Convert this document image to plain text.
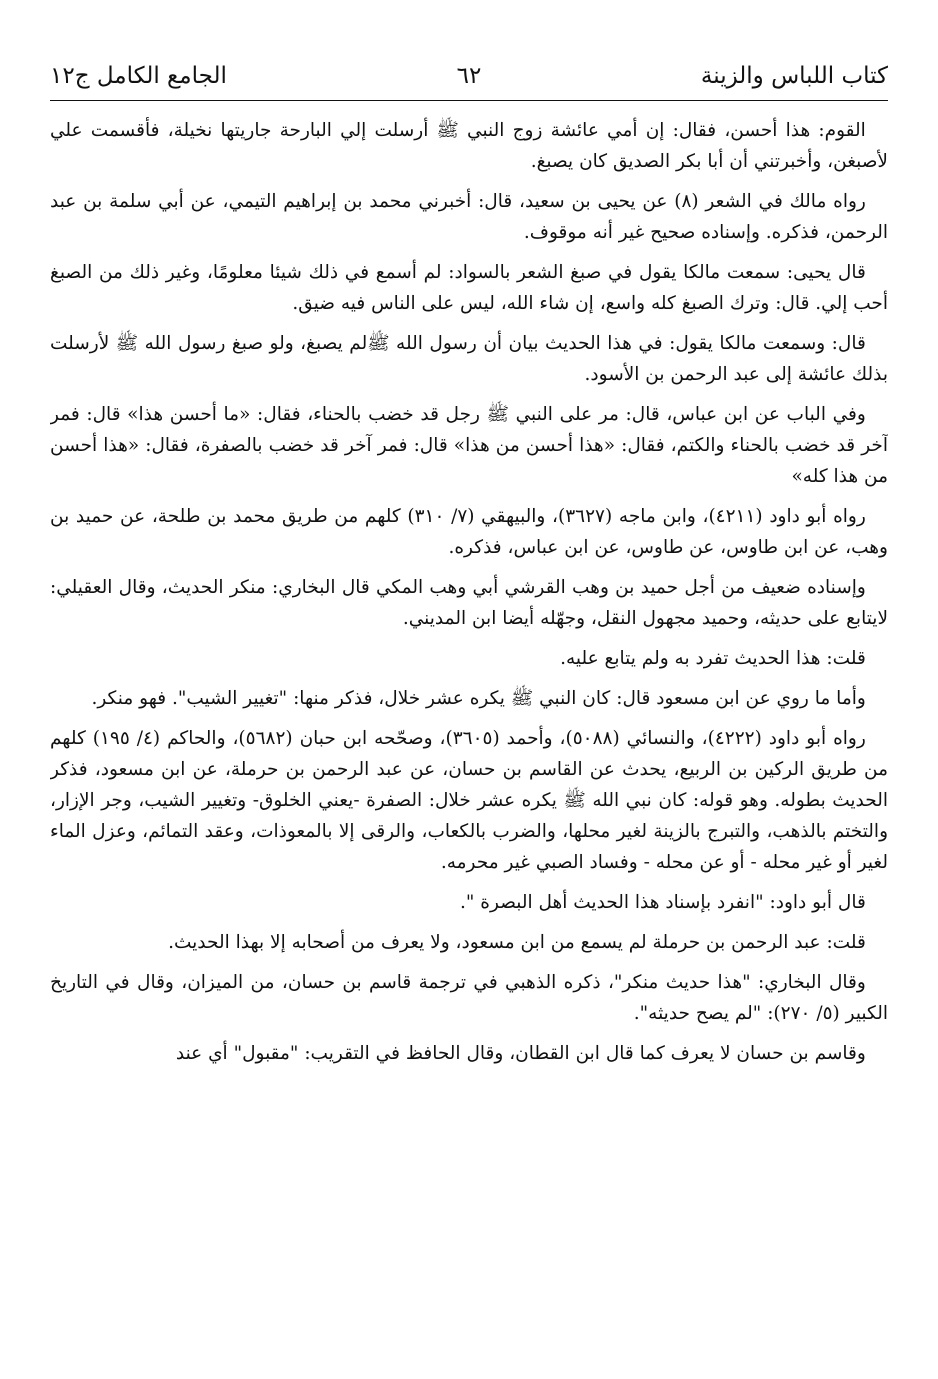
كتاب اللباس والزينة
٦٢
الجامع الكامل ج١٢

القوم: هذا أحسن، فقال: إن أمي عائشة زوج النبي ﷺ أرسلت إلي البارحة جاريتها نخيلة، فأقسمت علي لأصبغن، وأخبرتني أن أبا بكر الصديق كان يصبغ.

رواه مالك في الشعر (٨) عن يحيى بن سعيد، قال: أخبرني محمد بن إبراهيم التيمي، عن أبي سلمة بن عبد الرحمن، فذكره. وإسناده صحيح غير أنه موقوف.

قال يحيى: سمعت مالكا يقول في صبغ الشعر بالسواد: لم أسمع في ذلك شيئا معلومًا، وغير ذلك من الصبغ أحب إلي. قال: وترك الصبغ كله واسع، إن شاء الله، ليس على الناس فيه ضيق.

قال: وسمعت مالكا يقول: في هذا الحديث بيان أن رسول الله ﷺلم يصبغ، ولو صبغ رسول الله ﷺ لأرسلت بذلك عائشة إلى عبد الرحمن بن الأسود.

وفي الباب عن ابن عباس، قال: مر على النبي ﷺ رجل قد خضب بالحناء، فقال: «ما أحسن هذا» قال: فمر آخر قد خضب بالحناء والكتم، فقال: «هذا أحسن من هذا» قال: فمر آخر قد خضب بالصفرة، فقال: «هذا أحسن من هذا كله»

رواه أبو داود (٤٢١١)، وابن ماجه (٣٦٢٧)، والبيهقي (٧/ ٣١٠) كلهم من طريق محمد بن طلحة، عن حميد بن وهب، عن ابن طاوس، عن طاوس، عن ابن عباس، فذكره.

وإسناده ضعيف من أجل حميد بن وهب القرشي أبي وهب المكي قال البخاري: منكر الحديث، وقال العقيلي: لايتابع على حديثه، وحميد مجهول النقل، وجهّله أيضا ابن المديني.

قلت: هذا الحديث تفرد به ولم يتابع عليه.

وأما ما روي عن ابن مسعود قال: كان النبي ﷺ يكره عشر خلال، فذكر منها: "تغيير الشيب". فهو منكر.

رواه أبو داود (٤٢٢٢)، والنسائي (٥٠٨٨)، وأحمد (٣٦٠٥)، وصحّحه ابن حبان (٥٦٨٢)، والحاكم (٤/ ١٩٥) كلهم من طريق الركين بن الربيع، يحدث عن القاسم بن حسان، عن عبد الرحمن بن حرملة، عن ابن مسعود، فذكر الحديث بطوله. وهو قوله: كان نبي الله ﷺ يكره عشر خلال: الصفرة -يعني الخلوق- وتغيير الشيب، وجر الإزار، والتختم بالذهب، والتبرج بالزينة لغير محلها، والضرب بالكعاب، والرقى إلا بالمعوذات، وعقد التمائم، وعزل الماء لغير أو غير محله - أو عن محله - وفساد الصبي غير محرمه.

قال أبو داود: "انفرد بإسناد هذا الحديث أهل البصرة ".

قلت: عبد الرحمن بن حرملة لم يسمع من ابن مسعود، ولا يعرف من أصحابه إلا بهذا الحديث.

وقال البخاري: "هذا حديث منكر"، ذكره الذهبي في ترجمة قاسم بن حسان، من الميزان، وقال في التاريخ الكبير (٥/ ٢٧٠): "لم يصح حديثه".

وقاسم بن حسان لا يعرف كما قال ابن القطان، وقال الحافظ في التقريب: "مقبول" أي عند
